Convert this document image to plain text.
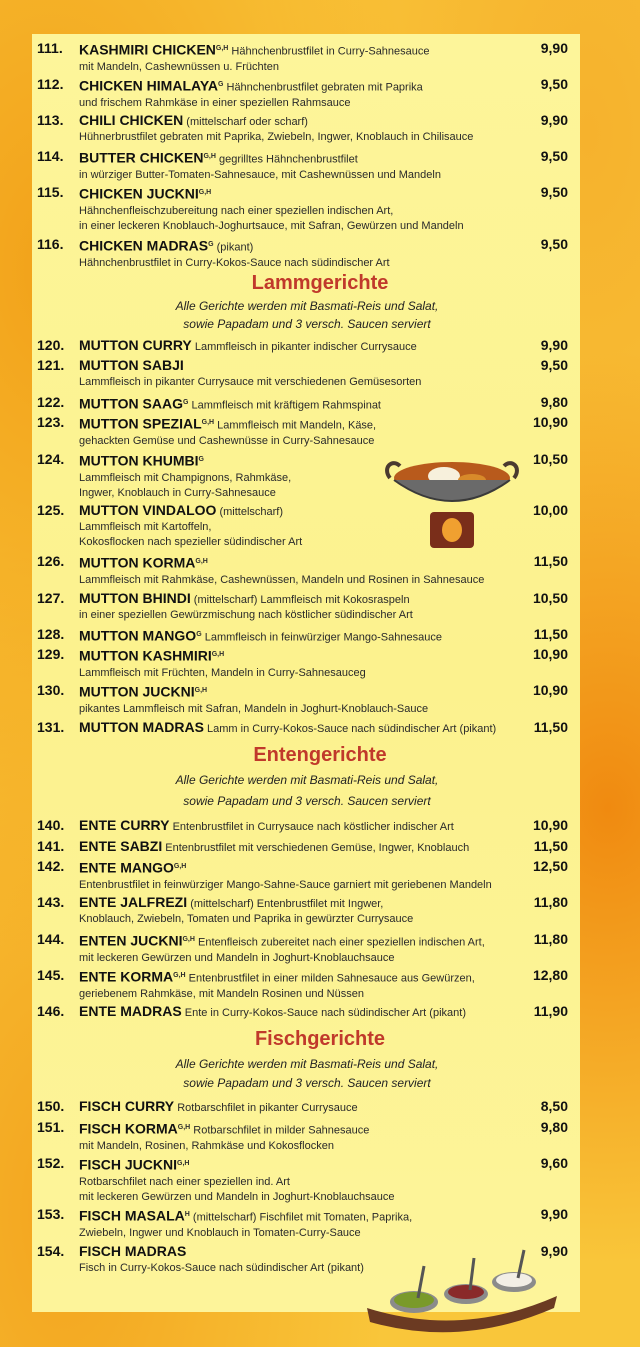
111. KASHMIRI $CHICKEN^{G,H}$ Hähnchenbrustfilet in Curry-Sahnesauce
mit Mandeln, Cashewnüssen u. Früchten
9,90
112. CHICKEN $HIMALAYA^G$ Hähnchenbrustfilet gebraten mit Paprika
und frischem Rahmkäse in einer speziellen Rahmsauce
9,50
113. CHILI CHICKEN (mittelscharf oder scharf)
Hühnerbrustfilet gebraten mit Paprika, Zwiebeln, Ingwer, Knoblauch in Chilisauce
9,90
114. BUTTER $CHICKEN^{G,H}$ gegrilltes Hähnchenbrustfilet
in würziger Butter-Tomaten-Sahnesauce, mit Cashewnüssen und Mandeln
9,50
115. CHICKEN $JUCKNI^{G,H}$
Hähnchenfleischzubereitung nach einer speziellen indischen Art,
in einer leckeren Knoblauch-Joghurtsauce, mit Safran, Gewürzen und Mandeln
9,50
116. CHICKEN $MADRAS^G$ (pikant)
Hähnchenbrustfilet in Curry-Kokos-Sauce nach südindischer Art
9,50
Lammgerichte
Alle Gerichte werden mit Basmati-Reis und Salat,
sowie Papadam und 3 versch. Saucen serviert
120. MUTTON CURRY Lammfleisch in pikanter indischer Currysauce	9,90
121. MUTTON SABJI
Lammfleisch in pikanter Currysauce mit verschiedenen Gemüsesorten
9,50
122. MUTTON $SAAG^G$ Lammfleisch mit kräftigem Rahmspinat	9,80
123. MUTTON $SPEZIAL^{G,H}$ Lammfleisch mit Mandeln, Käse,
gehackten Gemüse und Cashewnüsse in Curry-Sahnesauce
10,90
124. MUTTON $KHUMBI^G$
Lammfleisch mit Champignons, Rahmkäse,
Ingwer, Knoblauch in Curry-Sahnesauce
10,50
125. MUTTON VINDALOO (mittelscharf)
Lammfleisch mit Kartoffeln,
Kokosflocken nach spezieller südindischer Art
10,00
126. MUTTON $KORMA^{G,H}$
Lammfleisch mit Rahmkäse, Cashewnüssen, Mandeln und Rosinen in Sahnesauce
11,50
127. MUTTON BHINDI (mittelscharf) Lammfleisch mit Kokosraspeln
in einer speziellen Gewürzmischung nach köstlicher südindischer Art
10,50
128. MUTTON $MANGO^G$ Lammfleisch in feinwürziger Mango-Sahnesauce	11,50
129. MUTTON $KASHMIRI^{G,H}$
Lammfleisch mit Früchten, Mandeln in Curry-Sahnesauceg
10,90
130. MUTTON $JUCKNI^{G,H}$
pikantes Lammfleisch mit Safran, Mandeln in Joghurt-Knoblauch-Sauce
10,90
131. MUTTON MADRAS Lamm in Curry-Kokos-Sauce nach südindischer Art (pikant)	11,50
Entengerichte
Alle Gerichte werden mit Basmati-Reis und Salat,
sowie Papadam und 3 versch. Saucen serviert
140. ENTE CURRY Entenbrustfilet in Currysauce nach köstlicher indischer Art	10,90
141. ENTE SABZI Entenbrustfilet mit verschiedenen Gemüse, Ingwer, Knoblauch	11,50
142. ENTE $MANGO^{G,H}$
Entenbrustfilet in feinwürziger Mango-Sahne-Sauce garniert mit geriebenen Mandeln
12,50
143. ENTE JALFREZI (mittelscharf) Entenbrustfilet mit Ingwer,
Knoblauch, Zwiebeln, Tomaten und Paprika in gewürzter Currysauce
11,80
144. ENTEN $JUCKNI^{G,H}$ Entenfleisch zubereitet nach einer speziellen indischen Art,
mit leckeren Gewürzen und Mandeln in Joghurt-Knoblauchsauce
11,80
145. ENTE $KORMA^{G,H}$ Entenbrustfilet in einer milden Sahnesauce aus Gewürzen,
geriebenem Rahmkäse, mit Mandeln Rosinen und Nüssen
12,80
146. ENTE MADRAS Ente in Curry-Kokos-Sauce nach südindischer Art (pikant)	11,90
Fischgerichte
Alle Gerichte werden mit Basmati-Reis und Salat,
sowie Papadam und 3 versch. Saucen serviert
150. FISCH CURRY Rotbarschfilet in pikanter Currysauce	8,50
151. FISCH $KORMA^{G,H}$ Rotbarschfilet in milder Sahnesauce
mit Mandeln, Rosinen, Rahmkäse und Kokosflocken
9,80
152. FISCH $JUCKNI^{G,H}$
Rotbarschfilet nach einer speziellen ind. Art
mit leckeren Gewürzen und Mandeln in Joghurt-Knoblauchsauce
9,60
153. FISCH $MASALA^H$ (mittelscharf) Fischfilet mit Tomaten, Paprika,
Zwiebeln, Ingwer und Knoblauch in Tomaten-Curry-Sauce
9,90
154. FISCH MADRAS
Fisch in Curry-Kokos-Sauce nach südindischer Art (pikant)
9,90
